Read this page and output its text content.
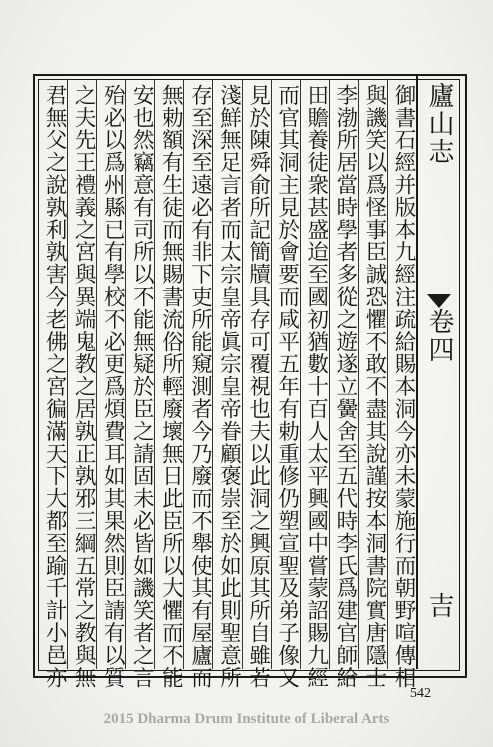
廬山志
卷四
吉
御書石經并版本九經注疏給賜本洞今亦未蒙施行而朝野喧傳相
與譏笑以爲怪事臣誠恐懼不敢不盡其說謹按本洞書院實唐隱士
李渤所居當時學者多從之遊遂立黌舍至五代時李氏爲建官師給
田贍養徒衆甚盛迨至國初猶數十百人太平興國中嘗蒙詔賜九經
而官其洞主見於會要而咸平五年有勅重修仍塑宣聖及弟子像又
見於陳舜俞所記簡牘具存可覆視也夫以此洞之興原其所自雖若
淺鮮無足言者而太宗皇帝眞宗皇帝眷顧褒崇至於如此則聖意所
存至深至遠必有非下吏所能窺測者今乃廢而不舉使其有屋廬而
無勅額有生徒而無賜書流俗所輕廢壞無日此臣所以大懼而不能
安也然竊意有司所以不能無疑於臣之請固未必皆如譏笑者之言
殆必以爲州縣已有學校不必更爲煩費耳如其果然則臣請有以質
之夫先王禮義之宮與異端鬼教之居孰正孰邪三綱五常之教與無
君無父之說孰利孰害今老佛之宮徧滿天下大都至踰千計小邑亦
542
2015 Dharma Drum Institute of Liberal Arts
